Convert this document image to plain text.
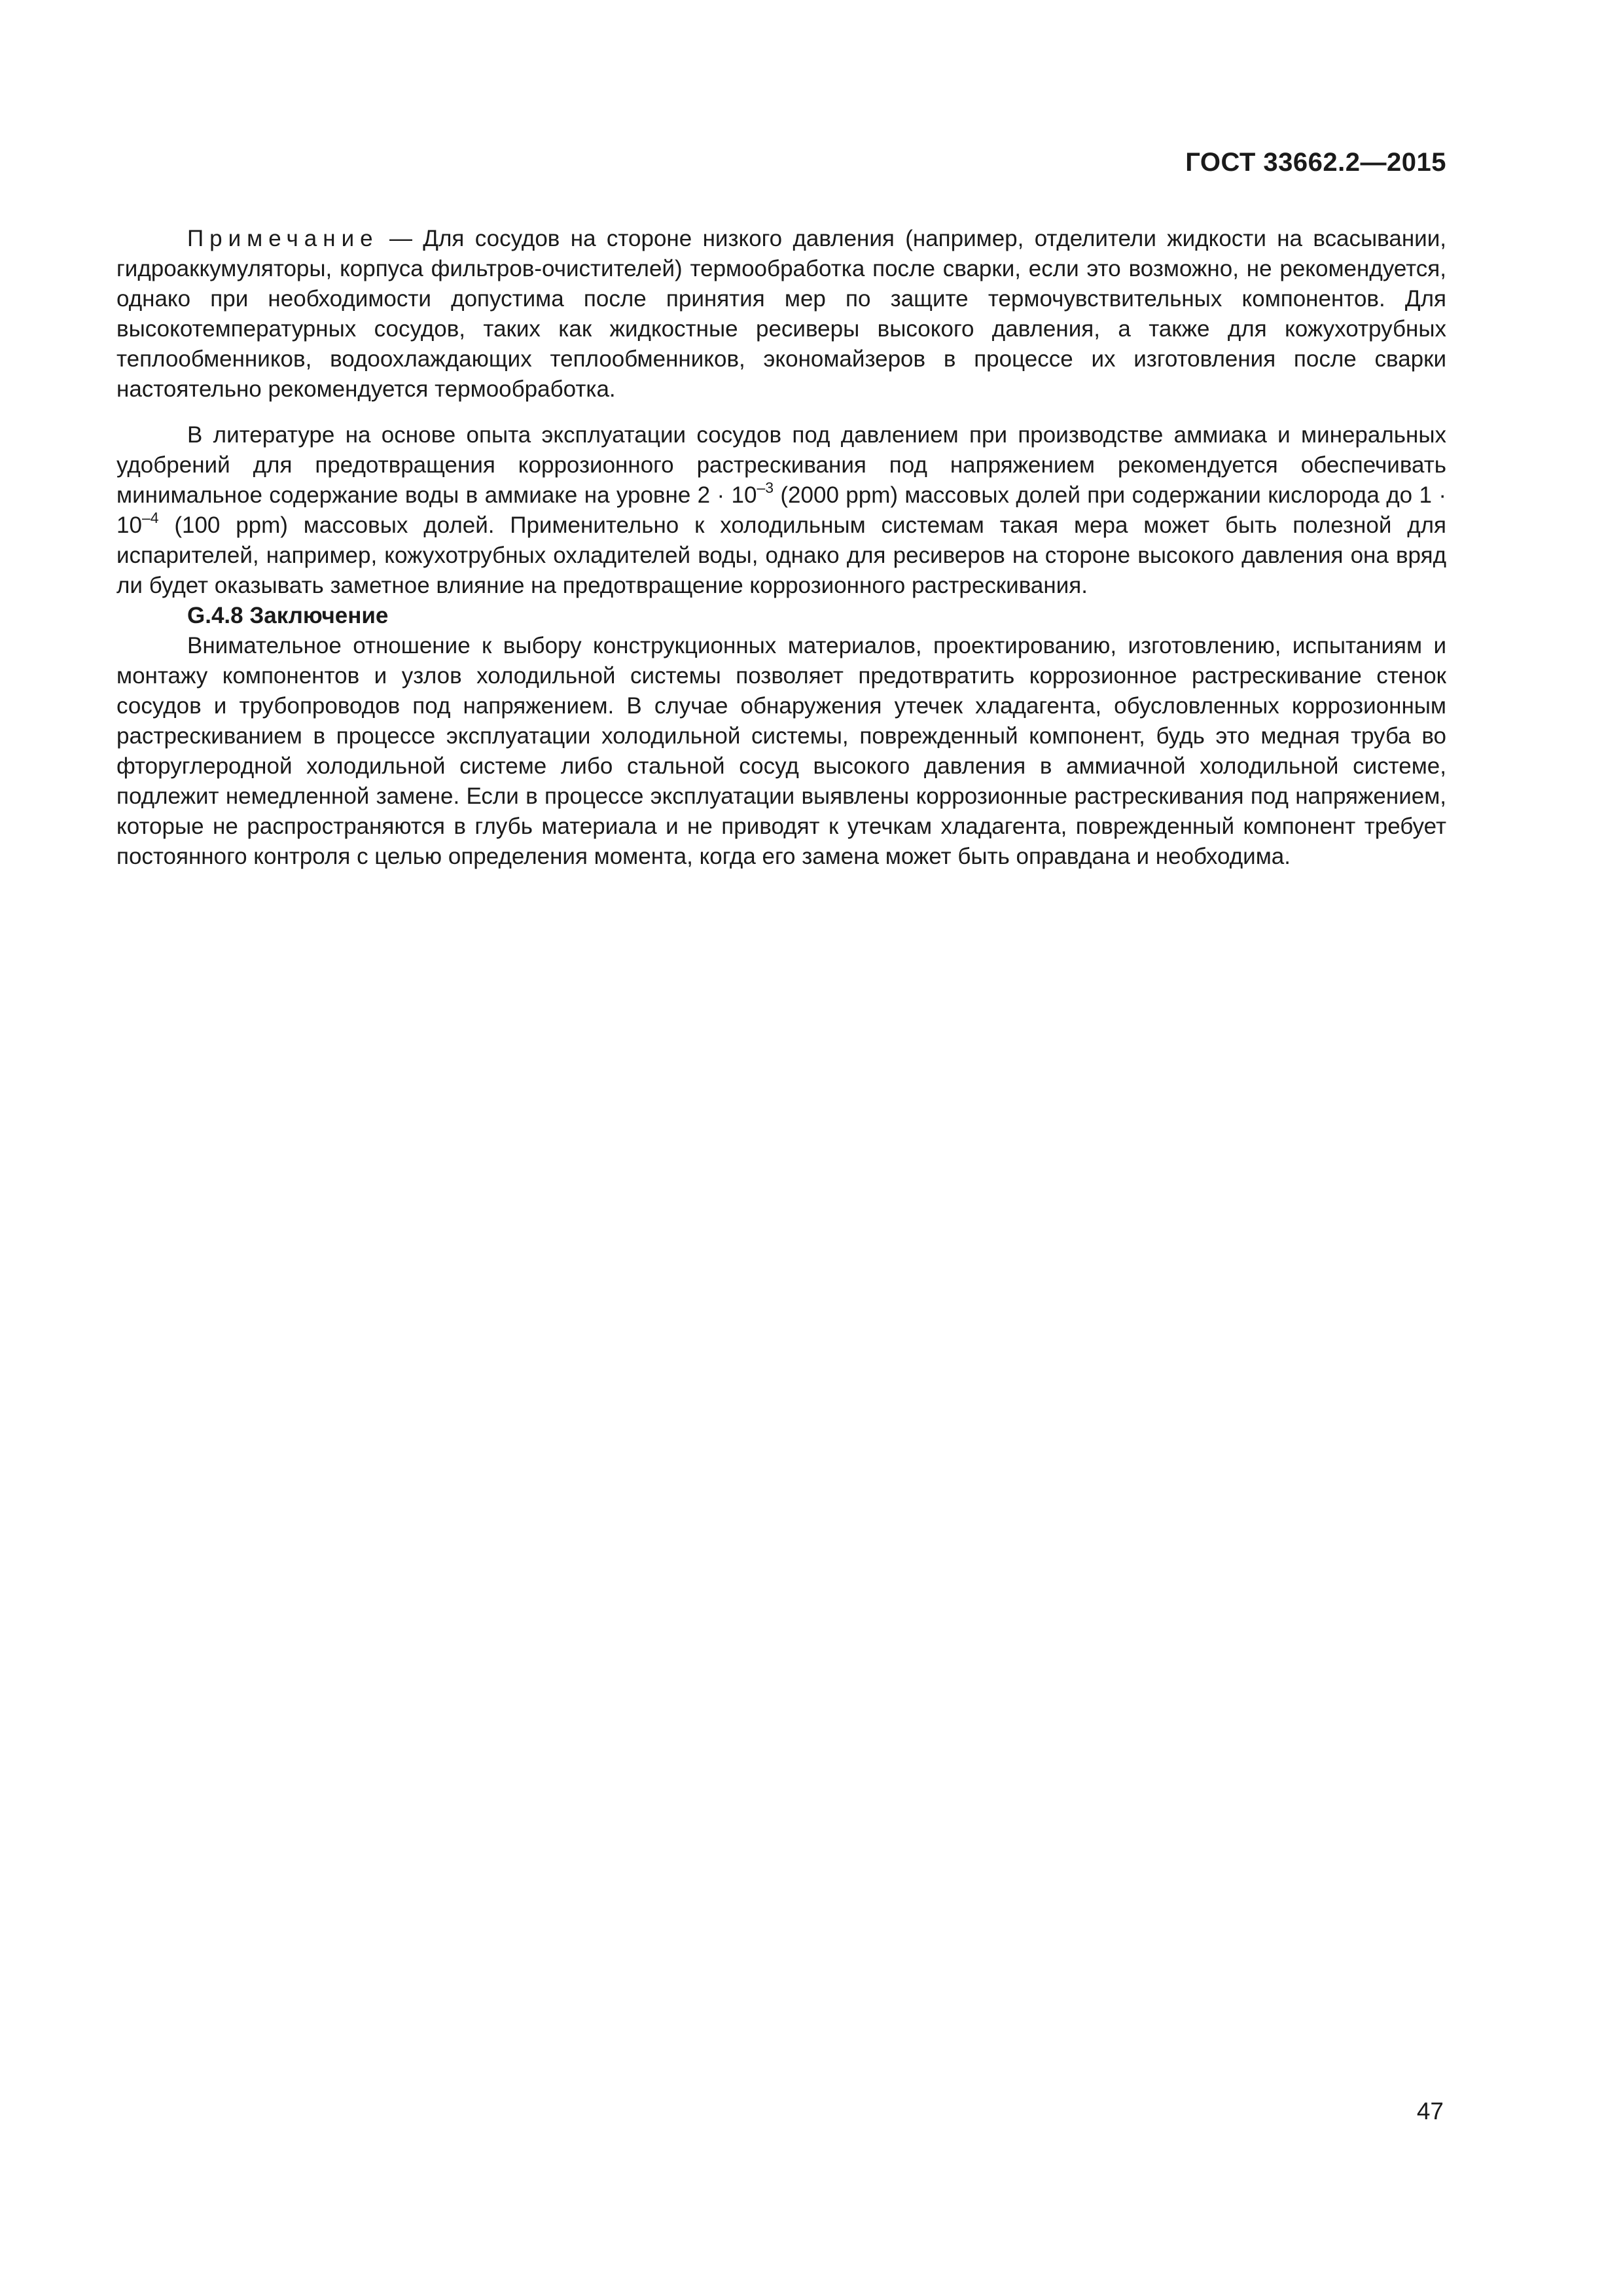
ГОСТ 33662.2—2015

Примечание — Для сосудов на стороне низкого давления (например, отделители жидкости на всасывании, гидроаккумуляторы, корпуса фильтров-очистителей) термообработка после сварки, если это возможно, не рекомендуется, однако при необходимости допустима после принятия мер по защите термочувствительных компонентов. Для высокотемпературных сосудов, таких как жидкостные ресиверы высокого давления, а также для кожухотрубных теплообменников, водоохлаждающих теплообменников, экономайзеров в процессе их изготовления после сварки настоятельно рекомендуется термообработка.

В литературе на основе опыта эксплуатации сосудов под давлением при производстве аммиака и минеральных удобрений для предотвращения коррозионного растрескивания под напряжением рекомендуется обеспечивать минимальное содержание воды в аммиаке на уровне $2 \cdot 10^{-3}$ (2000 ppm) массовых долей при содержании кислорода до $1 \cdot 10^{-4}$ (100 ppm) массовых долей. Применительно к холодильным системам такая мера может быть полезной для испарителей, например, кожухотрубных охладителей воды, однако для ресиверов на стороне высокого давления она вряд ли будет оказывать заметное влияние на предотвращение коррозионного растрескивания.

G.4.8 Заключение

Внимательное отношение к выбору конструкционных материалов, проектированию, изготовлению, испытаниям и монтажу компонентов и узлов холодильной системы позволяет предотвратить коррозионное растрескивание стенок сосудов и трубопроводов под напряжением. В случае обнаружения утечек хладагента, обусловленных коррозионным растрескиванием в процессе эксплуатации холодильной системы, поврежденный компонент, будь это медная труба во фторуглеродной холодильной системе либо стальной сосуд высокого давления в аммиачной холодильной системе, подлежит немедленной замене. Если в процессе эксплуатации выявлены коррозионные растрескивания под напряжением, которые не распространяются в глубь материала и не приводят к утечкам хладагента, поврежденный компонент требует постоянного контроля с целью определения момента, когда его замена может быть оправдана и необходима.

47
